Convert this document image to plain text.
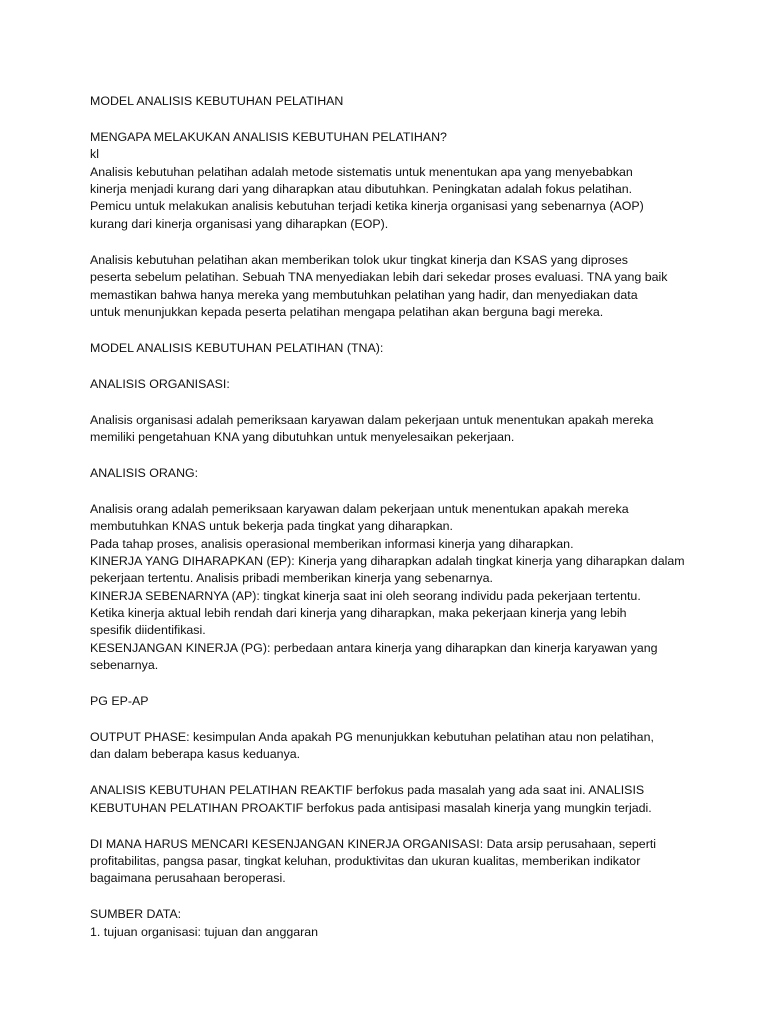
MODEL ANALISIS KEBUTUHAN PELATIHAN
MENGAPA MELAKUKAN ANALISIS KEBUTUHAN PELATIHAN?
kl
Analisis kebutuhan pelatihan adalah metode sistematis untuk menentukan apa yang menyebabkan
kinerja menjadi kurang dari yang diharapkan atau dibutuhkan. Peningkatan adalah fokus pelatihan.
Pemicu untuk melakukan analisis kebutuhan terjadi ketika kinerja organisasi yang sebenarnya (AOP)
kurang dari kinerja organisasi yang diharapkan (EOP).
Analisis kebutuhan pelatihan akan memberikan tolok ukur tingkat kinerja dan KSAS yang diproses
peserta sebelum pelatihan. Sebuah TNA menyediakan lebih dari sekedar proses evaluasi. TNA yang baik
memastikan bahwa hanya mereka yang membutuhkan pelatihan yang hadir, dan menyediakan data
untuk menunjukkan kepada peserta pelatihan mengapa pelatihan akan berguna bagi mereka.
MODEL ANALISIS KEBUTUHAN PELATIHAN (TNA):
ANALISIS ORGANISASI:
Analisis organisasi adalah pemeriksaan karyawan dalam pekerjaan untuk menentukan apakah mereka
memiliki pengetahuan KNA yang dibutuhkan untuk menyelesaikan pekerjaan.
ANALISIS ORANG:
Analisis orang adalah pemeriksaan karyawan dalam pekerjaan untuk menentukan apakah mereka
membutuhkan KNAS untuk bekerja pada tingkat yang diharapkan.
Pada tahap proses, analisis operasional memberikan informasi kinerja yang diharapkan.
KINERJA YANG DIHARAPKAN (EP): Kinerja yang diharapkan adalah tingkat kinerja yang diharapkan dalam
pekerjaan tertentu. Analisis pribadi memberikan kinerja yang sebenarnya.
KINERJA SEBENARNYA (AP): tingkat kinerja saat ini oleh seorang individu pada pekerjaan tertentu.
Ketika kinerja aktual lebih rendah dari kinerja yang diharapkan, maka pekerjaan kinerja yang lebih
spesifik diidentifikasi.
KESENJANGAN KINERJA (PG): perbedaan antara kinerja yang diharapkan dan kinerja karyawan yang
sebenarnya.
PG EP-AP
OUTPUT PHASE: kesimpulan Anda apakah PG menunjukkan kebutuhan pelatihan atau non pelatihan,
dan dalam beberapa kasus keduanya.
ANALISIS KEBUTUHAN PELATIHAN REAKTIF berfokus pada masalah yang ada saat ini. ANALISIS
KEBUTUHAN PELATIHAN PROAKTIF berfokus pada antisipasi masalah kinerja yang mungkin terjadi.
DI MANA HARUS MENCARI KESENJANGAN KINERJA ORGANISASI: Data arsip perusahaan, seperti
profitabilitas, pangsa pasar, tingkat keluhan, produktivitas dan ukuran kualitas, memberikan indikator
bagaimana perusahaan beroperasi.
SUMBER DATA:
1. tujuan organisasi: tujuan dan anggaran
